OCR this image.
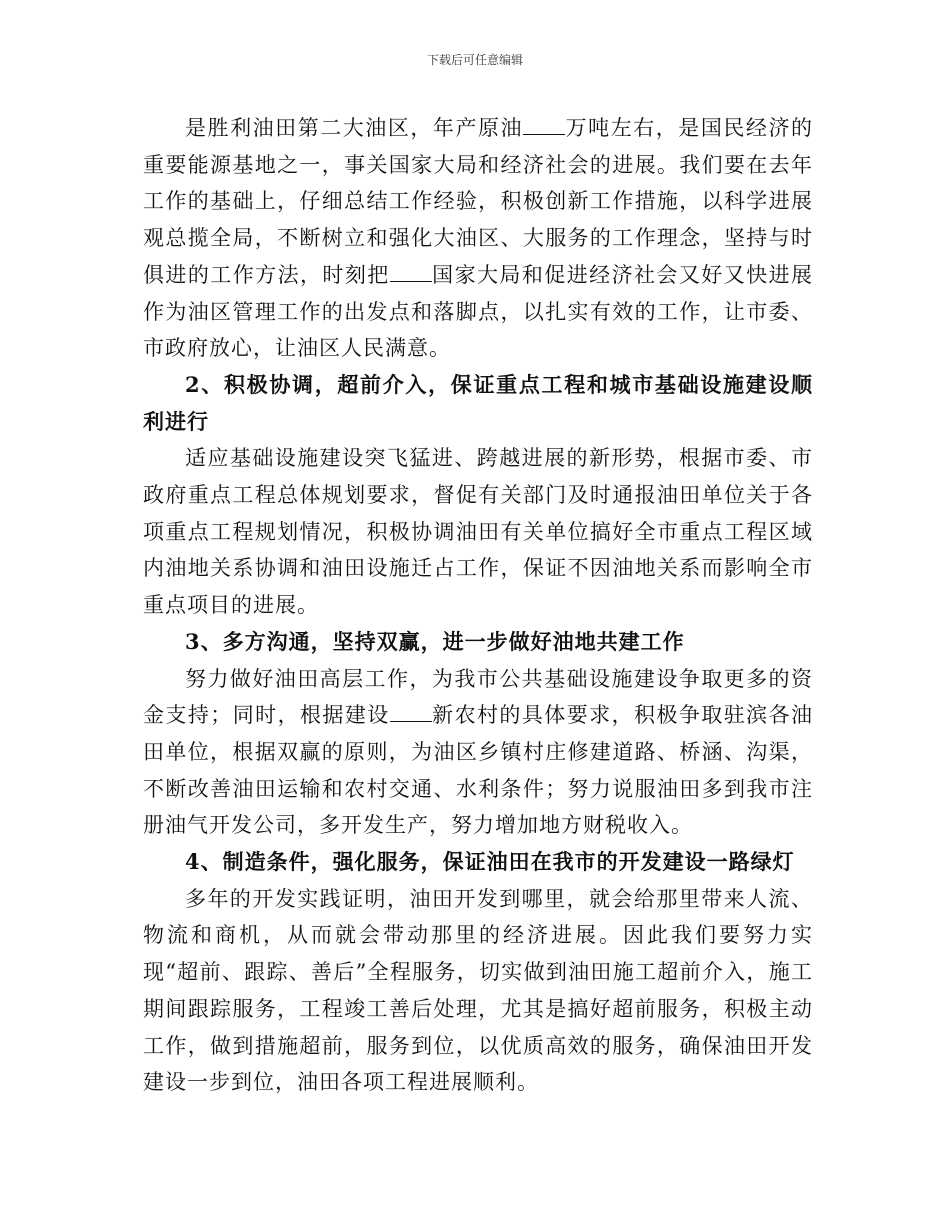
下载后可任意编辑

是胜利油田第二大油区，年产原油 万吨左右，是国民经济的重要能源基地之一，事关国家大局和经济社会的进展。我们要在去年工作的基础上，仔细总结工作经验，积极创新工作措施，以科学进展观总揽全局，不断树立和强化大油区、大服务的工作理念，坚持与时俱进的工作方法，时刻把 国家大局和促进经济社会又好又快进展作为油区管理工作的出发点和落脚点，以扎实有效的工作，让市委、市政府放心，让油区人民满意。

2、积极协调，超前介入，保证重点工程和城市基础设施建设顺利进行

适应基础设施建设突飞猛进、跨越进展的新形势，根据市委、市政府重点工程总体规划要求，督促有关部门及时通报油田单位关于各项重点工程规划情况，积极协调油田有关单位搞好全市重点工程区域内油地关系协调和油田设施迁占工作，保证不因油地关系而影响全市重点项目的进展。

3、多方沟通，坚持双赢，进一步做好油地共建工作

努力做好油田高层工作，为我市公共基础设施建设争取更多的资金支持；同时，根据建设 新农村的具体要求，积极争取驻滨各油田单位，根据双赢的原则，为油区乡镇村庄修建道路、桥涵、沟渠，不断改善油田运输和农村交通、水利条件；努力说服油田多到我市注册油气开发公司，多开发生产，努力增加地方财税收入。

4、制造条件，强化服务，保证油田在我市的开发建设一路绿灯

多年的开发实践证明，油田开发到哪里，就会给那里带来人流、物流和商机，从而就会带动那里的经济进展。因此我们要努力实现“超前、跟踪、善后”全程服务，切实做到油田施工超前介入，施工期间跟踪服务，工程竣工善后处理，尤其是搞好超前服务，积极主动工作，做到措施超前，服务到位，以优质高效的服务，确保油田开发建设一步到位，油田各项工程进展顺利。
